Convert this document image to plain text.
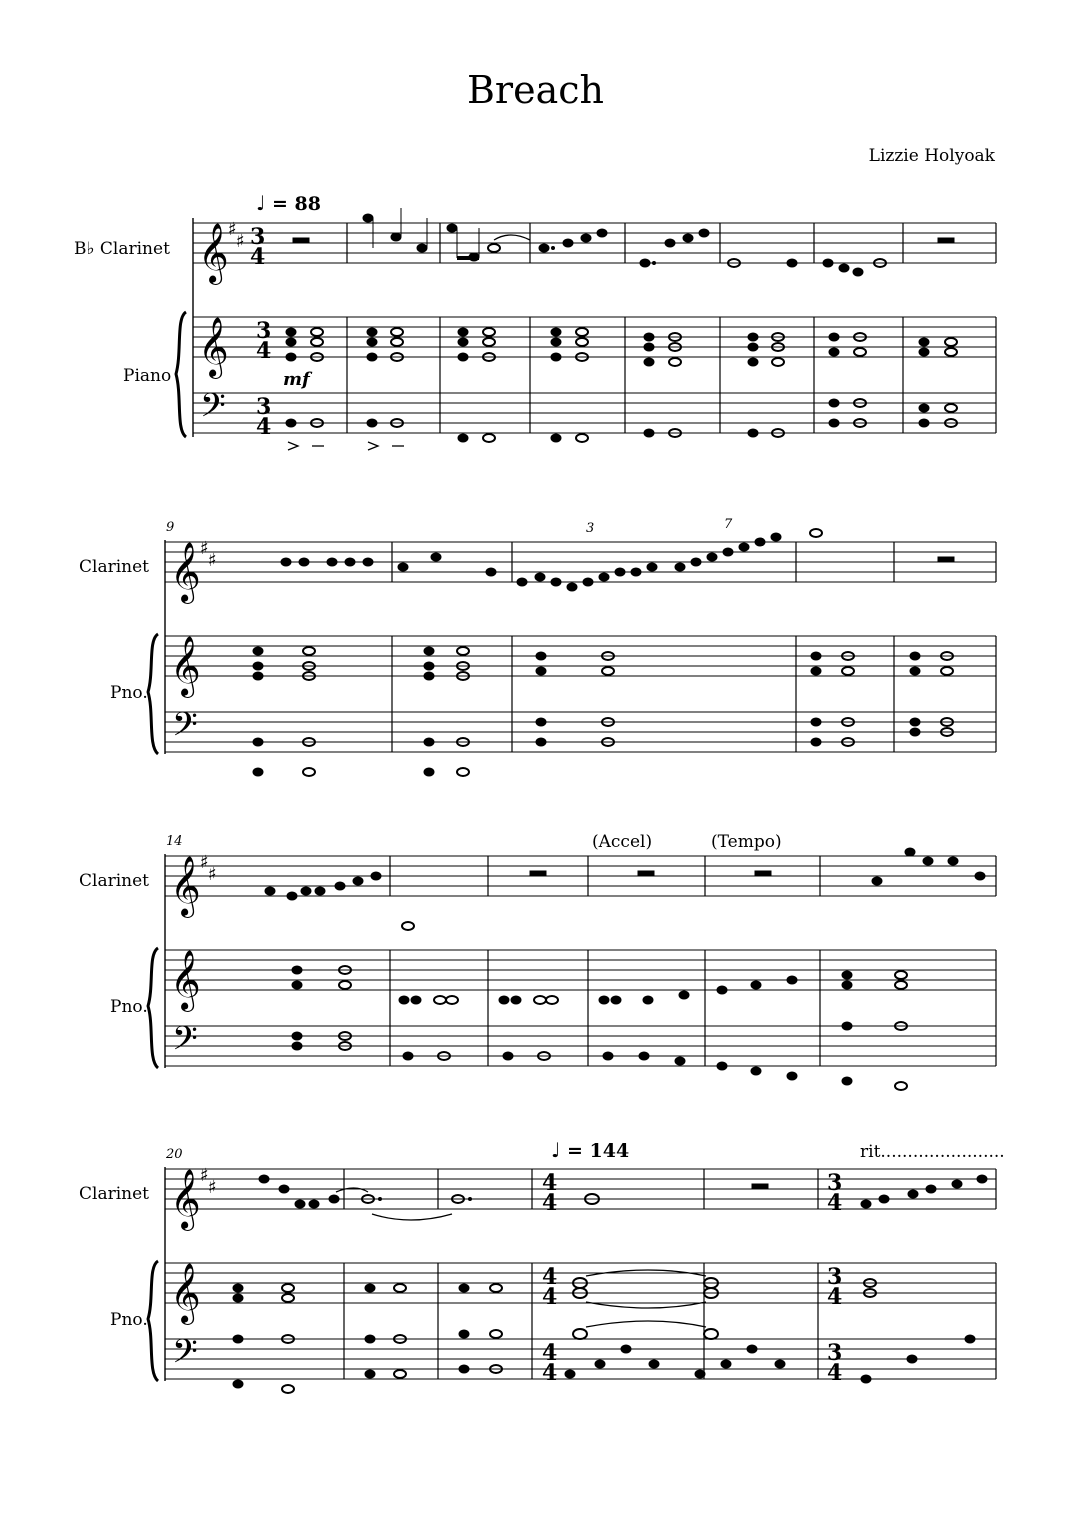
Breach
Lizzie Holyoak
B♭ Clarinet
Piano
♩ = 88
𝄞 ♯
♯ 3
4
𝄞 3
4
𝄢 3
4
mf
9
Clarinet
Pno.
𝄞 ♯
♯
𝄞
𝄢
3	7
14
Clarinet
Pno.
(Accel)	(Tempo)
𝄞 ♯
♯
𝄞
𝄢
20
Clarinet
Pno.
♩ = 144	rit.......................
𝄞 ♯
♯	4
4
3
4
𝄞	4
4
3
4
𝄢	4
4
3
4
